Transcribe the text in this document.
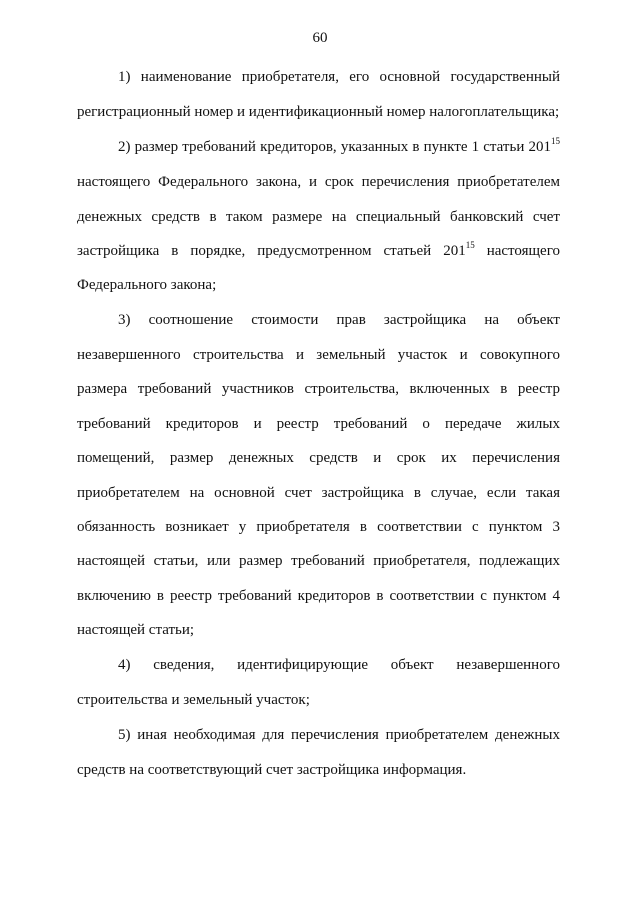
60
1) наименование приобретателя, его основной государственный
регистрационный номер и идентификационный номер налогоплательщика;
2) размер требований кредиторов, указанных в пункте 1 статьи $201^{15}$
настоящего Федерального закона, и срок перечисления приобретателем
денежных средств в таком размере на специальный банковский счет
застройщика в порядке, предусмотренном статьей $201^{15}$ настоящего
Федерального закона;
3) соотношение стоимости прав застройщика на объект
незавершенного строительства и земельный участок и совокупного
размера требований участников строительства, включенных в реестр
требований кредиторов и реестр требований о передаче жилых
помещений, размер денежных средств и срок их перечисления
приобретателем на основной счет застройщика в случае, если такая
обязанность возникает у приобретателя в соответствии с пунктом 3
настоящей статьи, или размер требований приобретателя, подлежащих
включению в реестр требований кредиторов в соответствии с пунктом 4
настоящей статьи;
4) сведения, идентифицирующие объект незавершенного
строительства и земельный участок;
5) иная необходимая для перечисления приобретателем денежных
средств на соответствующий счет застройщика информация.
